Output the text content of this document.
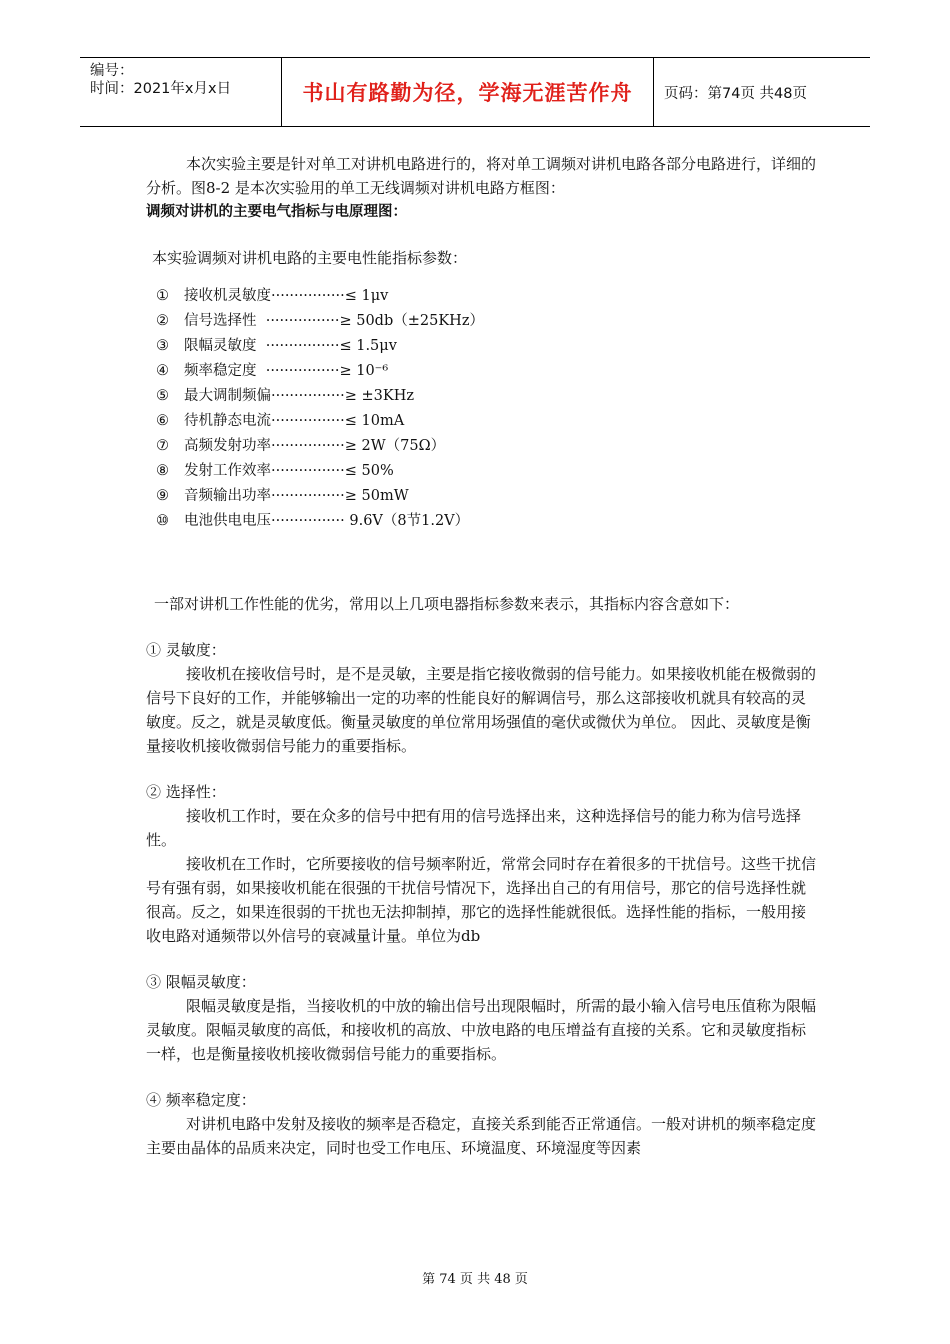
编号：
时间：2021年x月x日	书山有路勤为径，学海无涯苦作舟	页码：第74页 共48页

本次实验主要是针对单工对讲机电路进行的，将对单工调频对讲机电路各部分电路进行，详细的分析。图8-2 是本次实验用的单工无线调频对讲机电路方框图：

调频对讲机的主要电气指标与电原理图：

本实验调频对讲机电路的主要电性能指标参数：

①	接收机灵敏度 ················ ≤ 1μv
②	信号选择性 ················ ≥ 50db（±25KHz）
③	限幅灵敏度 ················ ≤ 1.5μv
④	频率稳定度 ················ ≥ 10⁻⁶
⑤	最大调制频偏 ················ ≥ ±3KHz
⑥	待机静态电流 ················ ≤ 10mA
⑦	高频发射功率 ················ ≥ 2W（75Ω）
⑧	发射工作效率 ················ ≤ 50%
⑨	音频输出功率 ················ ≥ 50mW
⑩	电池供电电压 ················ 9.6V（8节1.2V）

一部对讲机工作性能的优劣，常用以上几项电器指标参数来表示，其指标内容含意如下：

① 灵敏度：

接收机在接收信号时，是不是灵敏，主要是指它接收微弱的信号能力。如果接收机能在极微弱的信号下良好的工作，并能够输出一定的功率的性能良好的解调信号，那么这部接收机就具有较高的灵敏度。反之，就是灵敏度低。衡量灵敏度的单位常用场强值的毫伏或微伏为单位。 因此、灵敏度是衡量接收机接收微弱信号能力的重要指标。

② 选择性：

接收机工作时，要在众多的信号中把有用的信号选择出来，这种选择信号的能力称为信号选择性。

接收机在工作时，它所要接收的信号频率附近，常常会同时存在着很多的干扰信号。这些干扰信号有强有弱，如果接收机能在很强的干扰信号情况下，选择出自己的有用信号，那它的信号选择性就很高。反之，如果连很弱的干扰也无法抑制掉，那它的选择性能就很低。选择性能的指标，一般用接收电路对通频带以外信号的衰减量计量。单位为db

③ 限幅灵敏度：

限幅灵敏度是指，当接收机的中放的输出信号出现限幅时，所需的最小输入信号电压值称为限幅灵敏度。限幅灵敏度的高低，和接收机的高放、中放电路的电压增益有直接的关系。它和灵敏度指标一样，也是衡量接收机接收微弱信号能力的重要指标。

④ 频率稳定度：

对讲机电路中发射及接收的频率是否稳定，直接关系到能否正常通信。一般对讲机的频率稳定度主要由晶体的品质来决定，同时也受工作电压、环境温度、环境湿度等因素

第 74 页 共 48 页
